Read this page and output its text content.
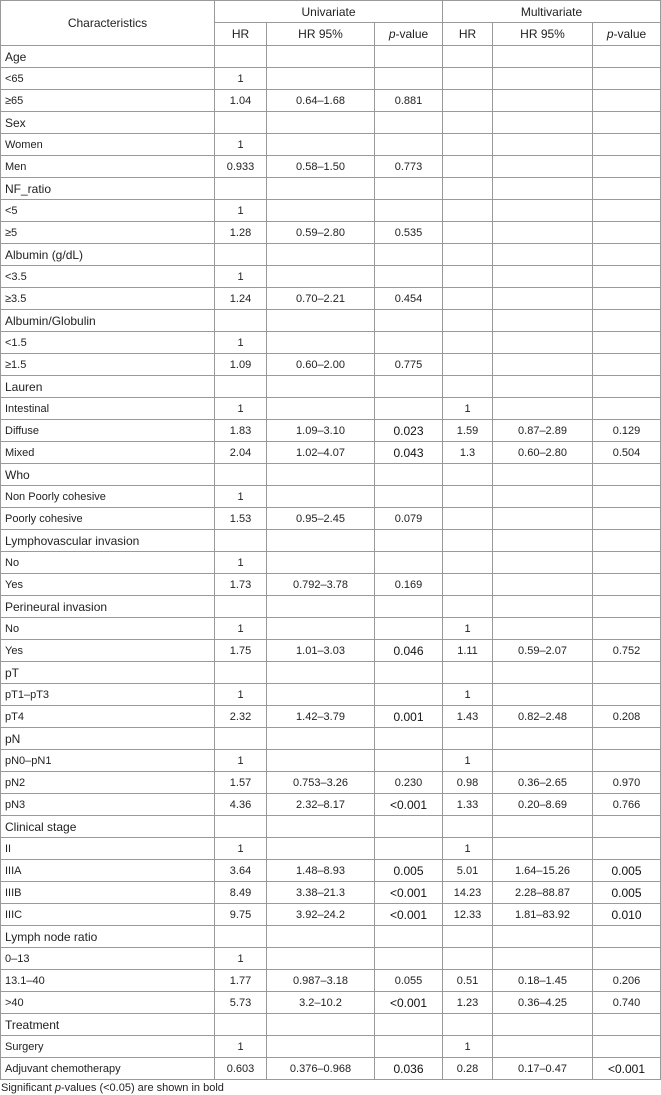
Characteristics	Univariate			Multivariate		
	HR	HR 95%	p-value	HR	HR 95%	p-value
Age						
<65	1					
≥65	1.04	0.64–1.68	0.881			
Sex						
Women	1					
Men	0.933	0.58–1.50	0.773			
NF_ratio						
<5	1					
≥5	1.28	0.59–2.80	0.535			
Albumin (g/dL)						
<3.5	1					
≥3.5	1.24	0.70–2.21	0.454			
Albumin/Globulin						
<1.5	1					
≥1.5	1.09	0.60–2.00	0.775			
Lauren						
Intestinal	1			1		
Diffuse	1.83	1.09–3.10	0.023	1.59	0.87–2.89	0.129
Mixed	2.04	1.02–4.07	0.043	1.3	0.60–2.80	0.504
Who						
Non Poorly cohesive	1					
Poorly cohesive	1.53	0.95–2.45	0.079			
Lymphovascular invasion						
No	1					
Yes	1.73	0.792–3.78	0.169			
Perineural invasion						
No	1			1		
Yes	1.75	1.01–3.03	0.046	1.11	0.59–2.07	0.752
pT						
pT1–pT3	1			1		
pT4	2.32	1.42–3.79	0.001	1.43	0.82–2.48	0.208
pN						
pN0–pN1	1			1		
pN2	1.57	0.753–3.26	0.230	0.98	0.36–2.65	0.970
pN3	4.36	2.32–8.17	<0.001	1.33	0.20–8.69	0.766
Clinical stage						
II	1			1		
IIIA	3.64	1.48–8.93	0.005	5.01	1.64–15.26	0.005
IIIB	8.49	3.38–21.3	<0.001	14.23	2.28–88.87	0.005
IIIC	9.75	3.92–24.2	<0.001	12.33	1.81–83.92	0.010
Lymph node ratio						
0–13	1					
13.1–40	1.77	0.987–3.18	0.055	0.51	0.18–1.45	0.206
>40	5.73	3.2–10.2	<0.001	1.23	0.36–4.25	0.740
Treatment						
Surgery	1			1		
Adjuvant chemotherapy	0.603	0.376–0.968	0.036	0.28	0.17–0.47	<0.001
Significant p-values (<0.05) are shown in bold
